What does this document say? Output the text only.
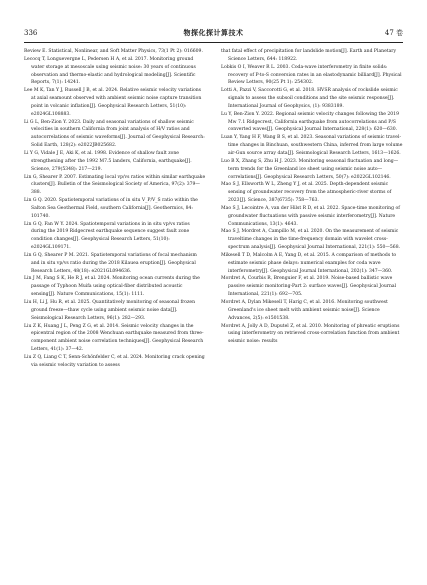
336	物探化探计算技术	47 卷

Review E. Statistical, Nonlinear, and Soft Matter Physics, 73(1 Pt 2): 016609.

Lecocq T, Longuevergne L, Pedersen H A, et al. 2017. Monitoring ground water storage at mesoscale using seismic noise: 30 years of continuous observation and thermo-elastic and hydrological modeling[J]. Scientific Reports, 7(1): 14241.

Lee M K, Tan Y J, Russell J B, et al. 2024. Relative seismic velocity variations at axial seamount observed with ambient seismic noise capture transition point in volcanic inflation[J]. Geophysical Research Letters, 51(10): e2024GL108883.

Li G L, Ben-Zion Y. 2023. Daily and seasonal variations of shallow seismic velocities in southern California from joint analysis of H/V ratios and autocorrelations of seismic waveforms[J]. Journal of Geophysical Research: Solid Earth, 128(2): e2022JB025682.

Li Y G, Vidale J E, Aki K, et al. 1998. Evidence of shallow fault zone strengthening after the 1992 M7.5 landers, California, earthquake[J]. Science, 279(5348): 217—219.

Lin G, Shearer P. 2007. Estimating local vp/vs ratios within similar earthquake clusters[J]. Bulletin of the Seismological Society of America, 97(2): 379—388.

Lin G Q. 2020. Spatiotemporal variations of in situ V_P/V_S ratio within the Salton Sea Geothermal Field, southern California[J]. Geothermics, 84: 101740.

Lin G Q, Fan W Y. 2024. Spatiotemporal variations in in situ vp/vs ratios during the 2019 Ridgecrest earthquake sequence suggest fault zone condition changes[J]. Geophysical Research Letters, 51(10): e2024GL109171.

Lin G Q, Shearer P M. 2021. Spatiotemporal variations of focal mechanism and in situ vp/vs ratio during the 2018 Kilauea eruption[J]. Geophysical Research Letters, 48(18): e2021GL094636.

Lin J M, Fang S K, He R J, et al. 2024. Monitoring ocean currents during the passage of Typhoon Muifa using optical-fiber distributed acoustic sensing[J]. Nature Communications, 15(1): 1111.

Liu H, Li J, Hu R, et al. 2025. Quantitatively monitoring of seasonal frozen ground freeze—thaw cycle using ambient seismic noise data[J]. Seismological Research Letters, 96(1): 282—293.

Liu Z K, Huang J L, Peng Z G, et al. 2014. Seismic velocity changes in the epicentral region of the 2008 Wenchuan earthquake measured from three-component ambient noise correlation techniques[J]. Geophysical Research Letters, 41(1): 37—42.

Liu Z Q, Liang C T, Senn-Schönfelder C, et al. 2024. Monitoring crack opening via seismic velocity variation to assess

that fatal effect of precipitation for landslide motion[J]. Earth and Planetary Science Letters, 644: 118922.

Lobkis O I, Weaver R L. 2003. Coda-wave interferometry in finite solids: recovery of P-to-S conversion rates in an elastodynamic billiard[J]. Physical Review Letters, 90(25 Pt 1): 254302.

Lotti A, Pazzi V, Saccorotti G, et al. 2018. HVSR analysis of rockslide seismic signals to assess the subsoil conditions and the site seismic response[J]. International Journal of Geophysics, (1): 9383189.

Lu Y, Ben-Zion Y. 2022. Regional seismic velocity changes following the 2019 Mw 7.1 Ridgecrest, California earthquake from autocorrelations and P/S converted waves[J]. Geophysical Journal International, 228(1): 620—630.

Luan Y, Yang H F, Wang B S, et al. 2023. Seasonal variations of seismic travel-time changes in Binchuan, southwestern China, inferred from large volume air-Gun source array data[J]. Seismological Research Letters, 1613—1626.

Luo B X, Zhang S, Zhu H J. 2023. Monitoring seasonal fluctuation and long—term trends for the Greenland ice sheet using seismic noise auto—correlations[J]. Geophysical Research Letters, 50(7): e2022GL102146.

Mao S J, Ellsworth W L, Zheng Y J, et al. 2025. Depth-dependent seismic sensing of groundwater recovery from the atmospheric-river storms of 2023[J]. Science, 387(6735): 758—763.

Mao S J, Lecointre A, van der Hilst R D, et al. 2022. Space-time monitoring of groundwater fluctuations with passive seismic interferometry[J]. Nature Communications, 13(1): 4643.

Mao S J, Mordret A, Campillo M, et al. 2020. On the measurement of seismic traveltime changes in the time-frequency domain with wavelet cross-spectrum analysis[J]. Geophysical Journal International, 221(1): 550—568.

Mikesell T D, Malcolm A E, Yang D, et al. 2015. A comparison of methods to estimate seismic phase delays: numerical examples for coda wave interferometry[J]. Geophysical Journal International, 202(1): 347—360.

Mordret A, Courbis R, Brenguier F, et al. 2019. Noise-based ballistic wave passive seismic monitoring-Part 2: surface waves[J]. Geophysical Journal International, 221(1): 692—705.

Mordret A, Dylan Mikesell T, Harig C, et al. 2016. Monitoring southwest Greenland's ice sheet melt with ambient seismic noise[J]. Science Advances, 2(5): e1501538.

Mordret A, Jolly A D, Duputel Z, et al. 2010. Monitoring of phreatic eruptions using interferometry on retrieved cross-correlation function from ambient seismic noise: results
